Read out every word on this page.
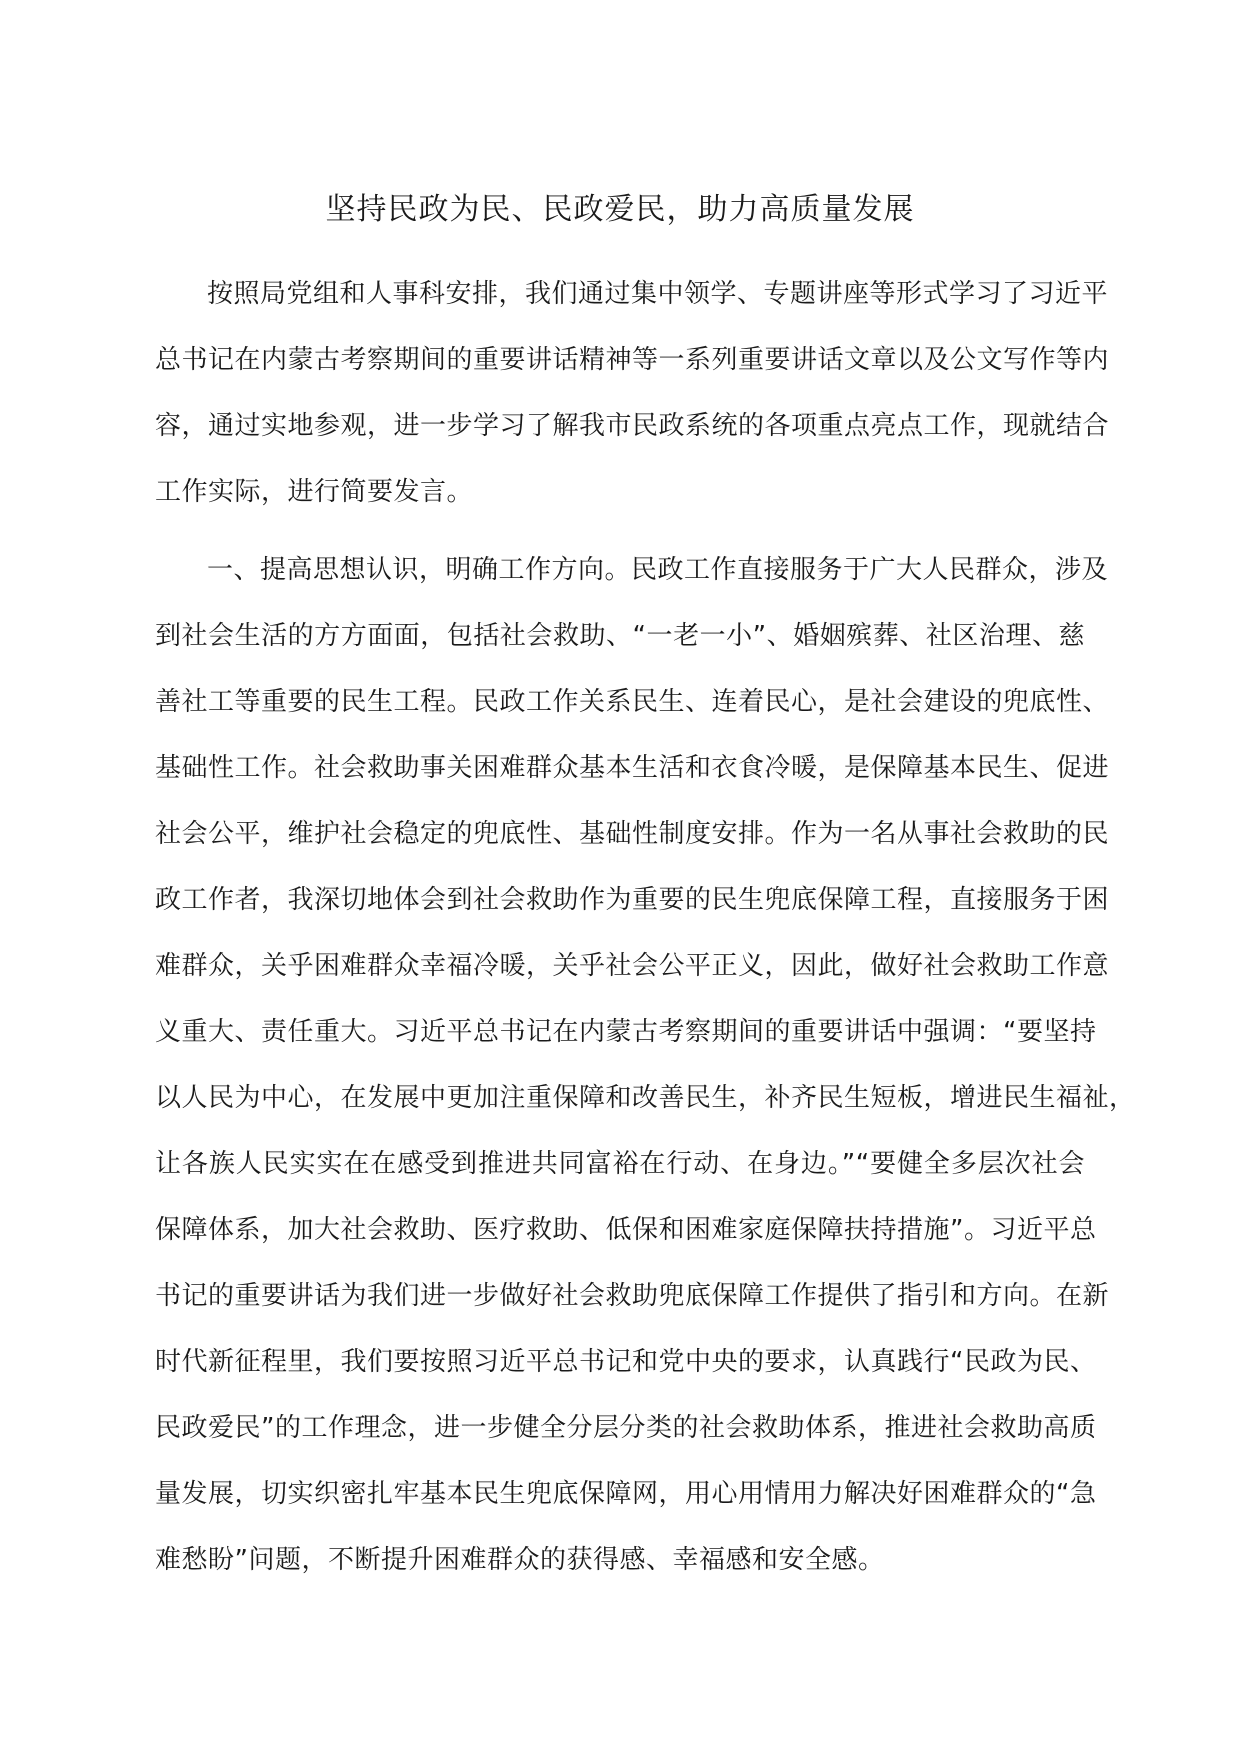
坚持民政为民、民政爱民，助力高质量发展
按照局党组和人事科安排，我们通过集中领学、专题讲座等形式学习了习近平
总书记在内蒙古考察期间的重要讲话精神等一系列重要讲话文章以及公文写作等内
容，通过实地参观，进一步学习了解我市民政系统的各项重点亮点工作，现就结合
工作实际，进行简要发言。
一、提高思想认识，明确工作方向。民政工作直接服务于广大人民群众，涉及
到社会生活的方方面面，包括社会救助、“一老一小”、婚姻殡葬、社区治理、慈
善社工等重要的民生工程。民政工作关系民生、连着民心，是社会建设的兜底性、
基础性工作。社会救助事关困难群众基本生活和衣食冷暖，是保障基本民生、促进
社会公平，维护社会稳定的兜底性、基础性制度安排。作为一名从事社会救助的民
政工作者，我深切地体会到社会救助作为重要的民生兜底保障工程，直接服务于困
难群众，关乎困难群众幸福冷暖，关乎社会公平正义，因此，做好社会救助工作意
义重大、责任重大。习近平总书记在内蒙古考察期间的重要讲话中强调：“要坚持
以人民为中心，在发展中更加注重保障和改善民生，补齐民生短板，增进民生福祉，
让各族人民实实在在感受到推进共同富裕在行动、在身边。”“要健全多层次社会
保障体系，加大社会救助、医疗救助、低保和困难家庭保障扶持措施”。习近平总
书记的重要讲话为我们进一步做好社会救助兜底保障工作提供了指引和方向。在新
时代新征程里，我们要按照习近平总书记和党中央的要求，认真践行“民政为民、
民政爱民”的工作理念，进一步健全分层分类的社会救助体系，推进社会救助高质
量发展，切实织密扎牢基本民生兜底保障网，用心用情用力解决好困难群众的“急
难愁盼”问题，不断提升困难群众的获得感、幸福感和安全感。
